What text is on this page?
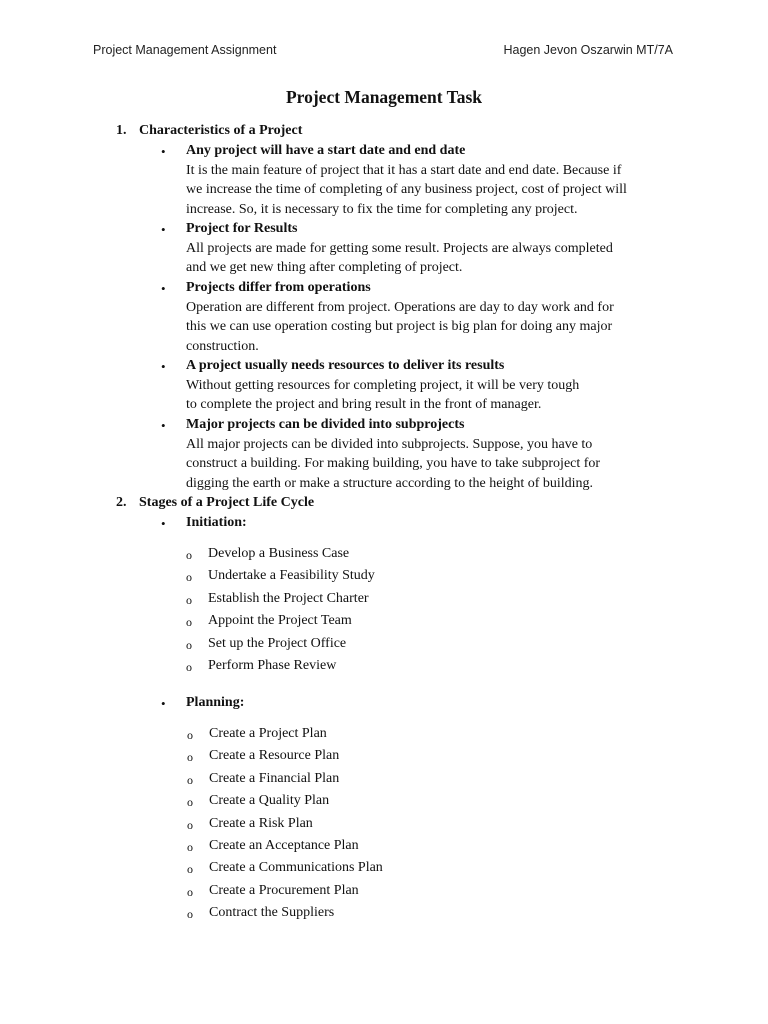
Project Management Assignment	Hagen Jevon Oszarwin MT/7A
Project Management Task
1. Characteristics of a Project
• Any project will have a start date and end date
It is the main feature of project that it has a start date and end date. Because if
we increase the time of completing of any business project, cost of project will
increase. So, it is necessary to fix the time for completing any project.
• Project for Results
All projects are made for getting some result. Projects are always completed
and we get new thing after completing of project.
• Projects differ from operations
Operation are different from project. Operations are day to day work and for
this we can use operation costing but project is big plan for doing any major
construction.
• A project usually needs resources to deliver its results
Without getting resources for completing project, it will be very tough
to complete the project and bring result in the front of manager.
• Major projects can be divided into subprojects
All major projects can be divided into subprojects. Suppose, you have to
construct a building. For making building, you have to take subproject for
digging the earth or make a structure according to the height of building.
2. Stages of a Project Life Cycle
• Initiation:
o Develop a Business Case
o Undertake a Feasibility Study
o Establish the Project Charter
o Appoint the Project Team
o Set up the Project Office
o Perform Phase Review
• Planning:
o Create a Project Plan
o Create a Resource Plan
o Create a Financial Plan
o Create a Quality Plan
o Create a Risk Plan
o Create an Acceptance Plan
o Create a Communications Plan
o Create a Procurement Plan
o Contract the Suppliers
